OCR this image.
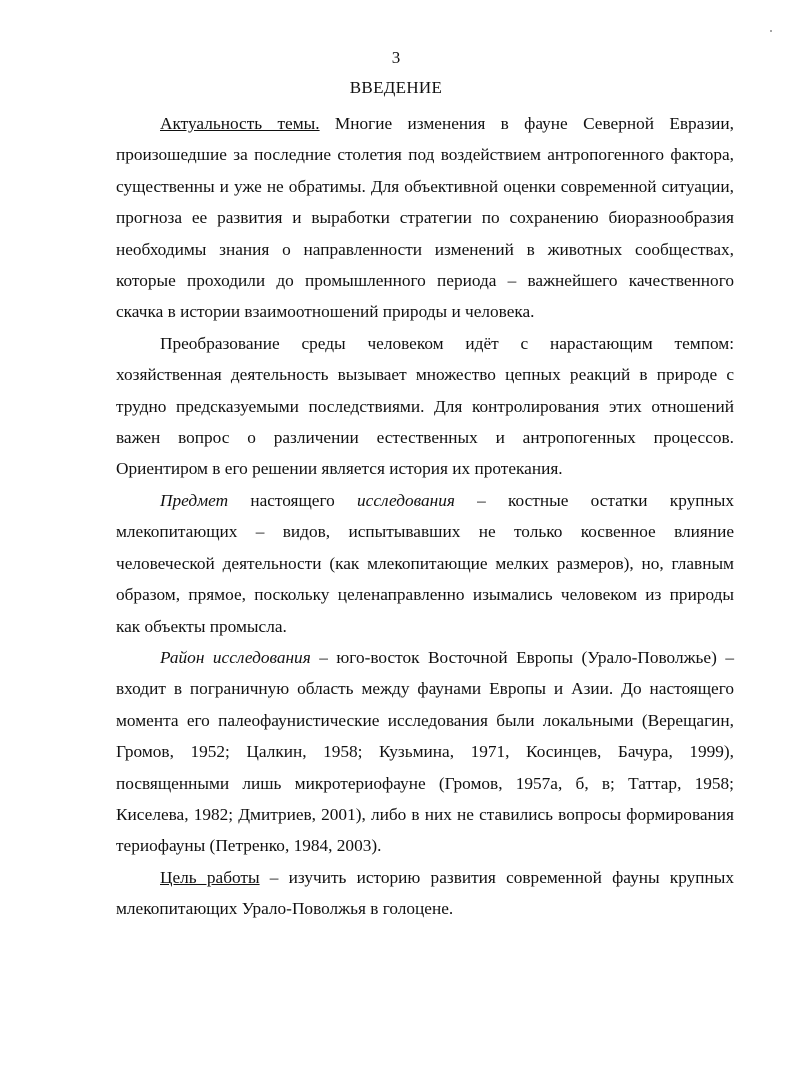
3
ВВЕДЕНИЕ

Актуальность темы. Многие изменения в фауне Северной Евразии, произошедшие за последние столетия под воздействием антропогенного фактора, существенны и уже не обратимы. Для объективной оценки современной ситуации, прогноза ее развития и выработки стратегии по сохранению биоразнообразия необходимы знания о направленности изменений в животных сообществах, которые проходили до промышленного периода – важнейшего качественного скачка в истории взаимоотношений природы и человека.

Преобразование среды человеком идёт с нарастающим темпом: хозяйственная деятельность вызывает множество цепных реакций в природе с трудно предсказуемыми последствиями. Для контролирования этих отношений важен вопрос о различении естественных и антропогенных процессов. Ориентиром в его решении является история их протекания.

Предмет настоящего исследования – костные остатки крупных млекопитающих – видов, испытывавших не только косвенное влияние человеческой деятельности (как млекопитающие мелких размеров), но, главным образом, прямое, поскольку целенаправленно изымались человеком из природы как объекты промысла.

Район исследования – юго-восток Восточной Европы (Урало-Поволжье) – входит в пограничную область между фаунами Европы и Азии. До настоящего момента его палеофаунистические исследования были локальными (Верещагин, Громов, 1952; Цалкин, 1958; Кузьмина, 1971, Косинцев, Бачура, 1999), посвященными лишь микротериофауне (Громов, 1957а, б, в; Таттар, 1958; Киселева, 1982; Дмитриев, 2001), либо в них не ставились вопросы формирования териофауны (Петренко, 1984, 2003).

Цель работы – изучить историю развития современной фауны крупных млекопитающих Урало-Поволжья в голоцене.
